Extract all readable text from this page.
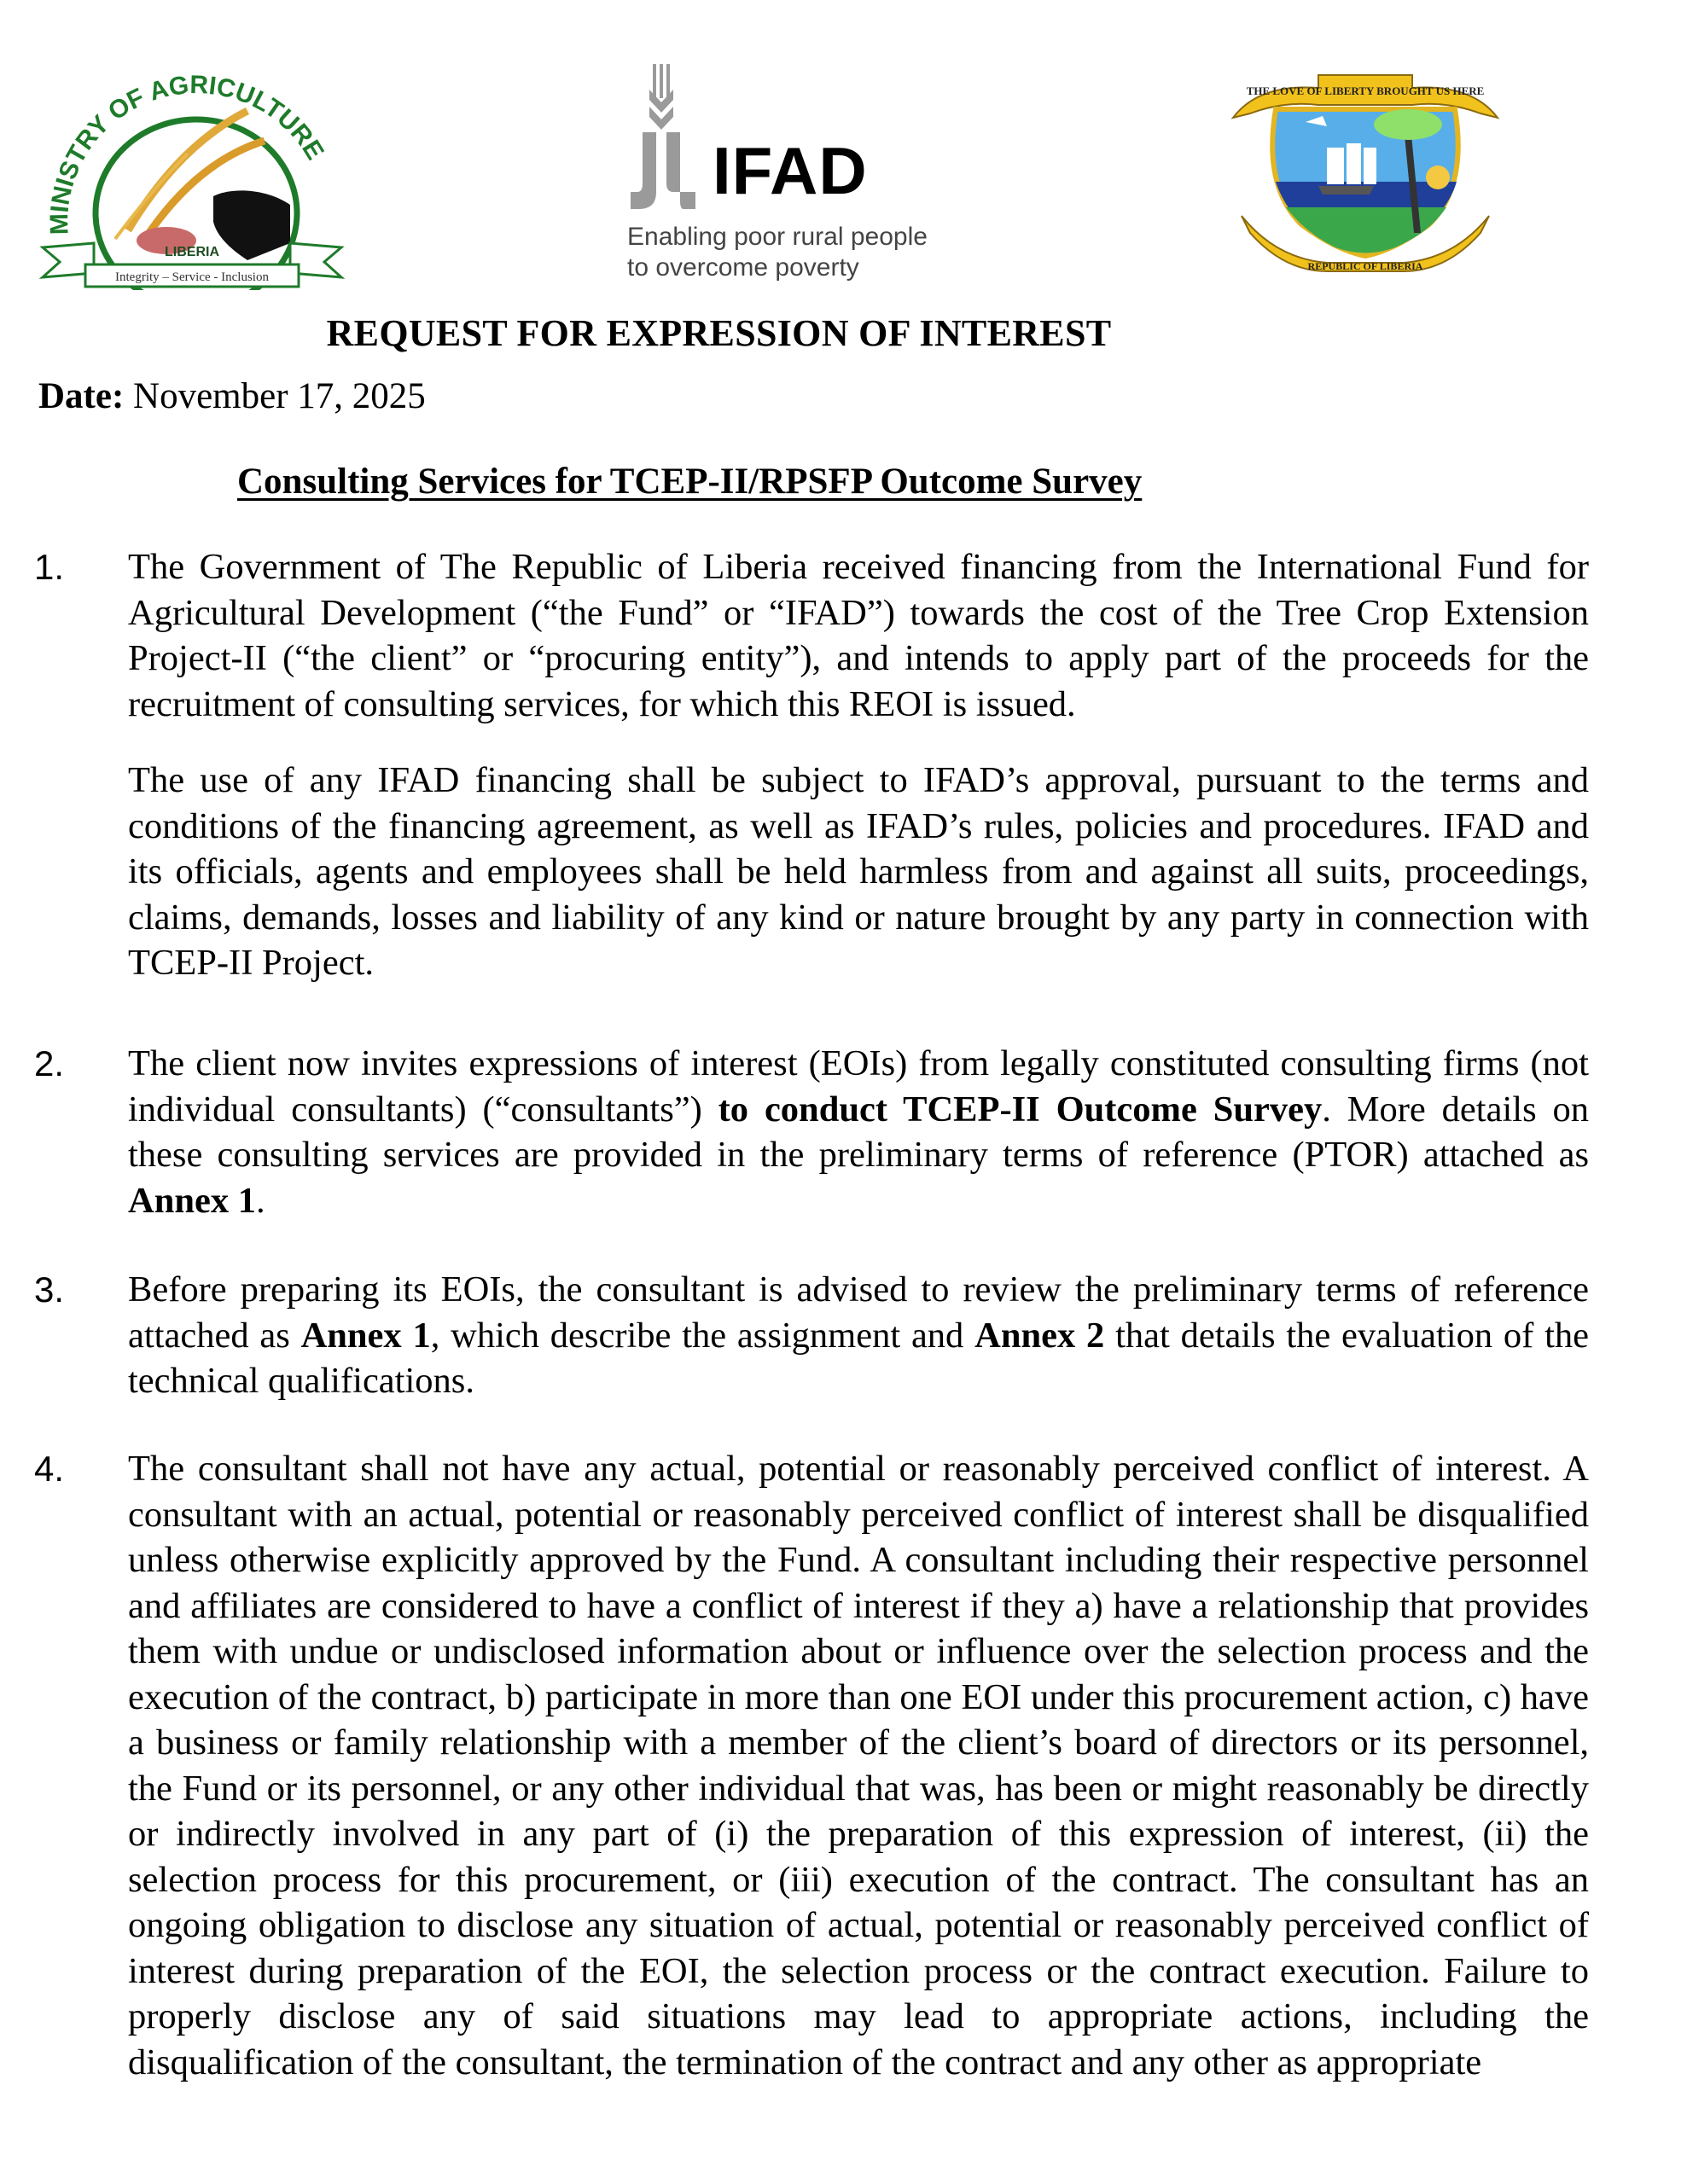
MINISTRY OF AGRICULTURE
LIBERIA
Integrity – Service - Inclusion
IFAD
Enabling poor rural people
to overcome poverty
THE LOVE OF LIBERTY BROUGHT US HERE
REPUBLIC OF LIBERIA
REQUEST FOR EXPRESSION OF INTEREST
Date: November 17, 2025
Consulting Services for TCEP-II/RPSFP Outcome Survey
1. The Government of The Republic of Liberia received financing from the International Fund for Agricultural Development (“the Fund” or “IFAD”) towards the cost of the Tree Crop Extension Project-II (“the client” or “procuring entity”), and intends to apply part of the proceeds for the recruitment of consulting services, for which this REOI is issued.

The use of any IFAD financing shall be subject to IFAD’s approval, pursuant to the terms and conditions of the financing agreement, as well as IFAD’s rules, policies and procedures. IFAD and its officials, agents and employees shall be held harmless from and against all suits, proceedings, claims, demands, losses and liability of any kind or nature brought by any party in connection with TCEP-II Project.

2. The client now invites expressions of interest (EOIs) from legally constituted consulting firms (not individual consultants) (“consultants”) to conduct TCEP-II Outcome Survey. More details on these consulting services are provided in the preliminary terms of reference (PTOR) attached as Annex 1.

3. Before preparing its EOIs, the consultant is advised to review the preliminary terms of reference attached as Annex 1, which describe the assignment and Annex 2 that details the evaluation of the technical qualifications.

4. The consultant shall not have any actual, potential or reasonably perceived conflict of interest. A consultant with an actual, potential or reasonably perceived conflict of interest shall be disqualified unless otherwise explicitly approved by the Fund. A consultant including their respective personnel and affiliates are considered to have a conflict of interest if they a) have a relationship that provides them with undue or undisclosed information about or influence over the selection process and the execution of the contract, b) participate in more than one EOI under this procurement action, c) have a business or family relationship with a member of the client’s board of directors or its personnel, the Fund or its personnel, or any other individual that was, has been or might reasonably be directly or indirectly involved in any part of (i) the preparation of this expression of interest, (ii) the selection process for this procurement, or (iii) execution of the contract. The consultant has an ongoing obligation to disclose any situation of actual, potential or reasonably perceived conflict of interest during preparation of the EOI, the selection process or the contract execution. Failure to properly disclose any of said situations may lead to appropriate actions, including the disqualification of the consultant, the termination of the contract and any other as appropriate
